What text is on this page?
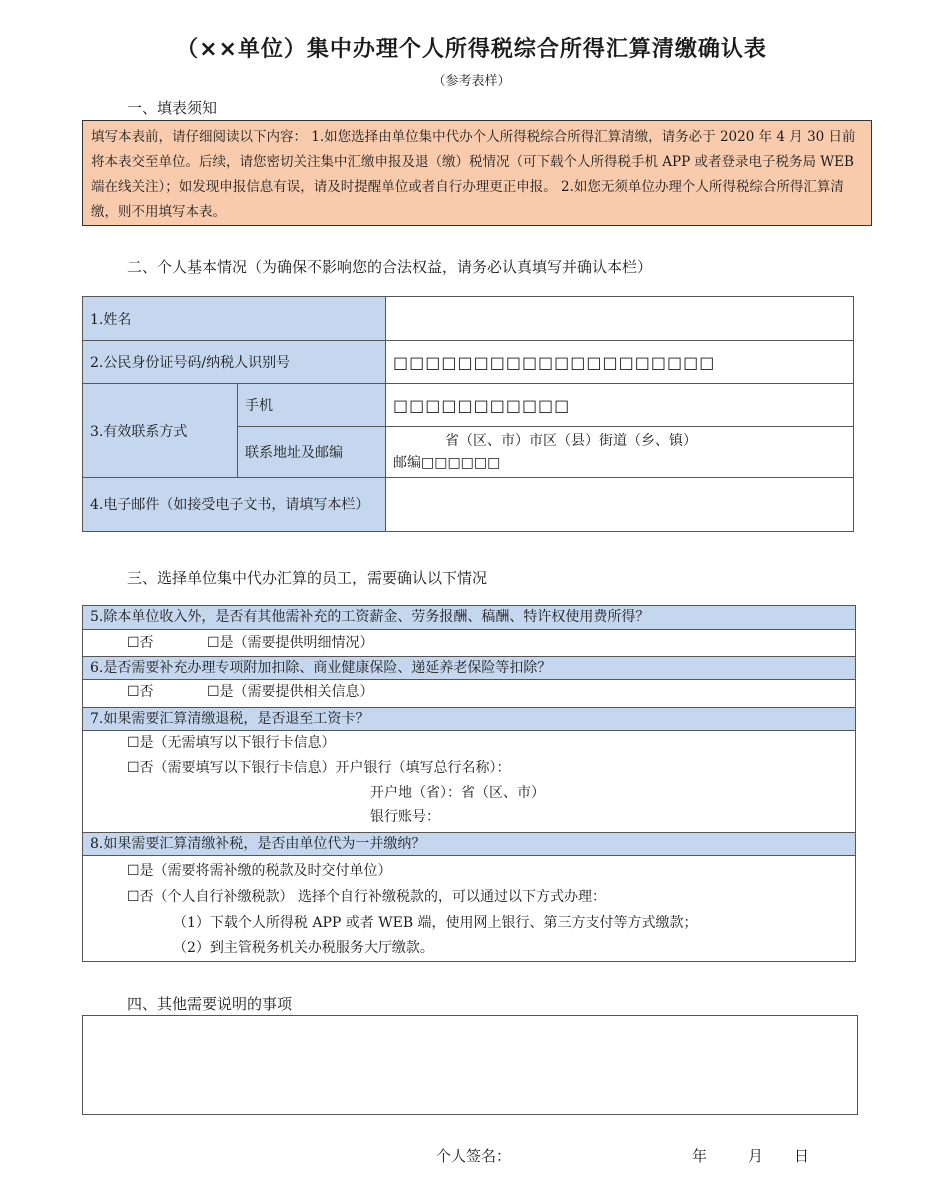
（××单位）集中办理个人所得税综合所得汇算清缴确认表
（参考表样）
一、填表须知
填写本表前，请仔细阅读以下内容： 1.如您选择由单位集中代办个人所得税综合所得汇算清缴，请务必于 2020 年 4 月 30 日前将本表交至单位。后续，请您密切关注集中汇缴申报及退（缴）税情况（可下载个人所得税手机 APP 或者登录电子税务局 WEB 端在线关注）；如发现申报信息有误，请及时提醒单位或者自行办理更正申报。 2.如您无须单位办理个人所得税综合所得汇算清缴，则不用填写本表。
二、个人基本情况（为确保不影响您的合法权益，请务必认真填写并确认本栏）
1.姓名		
2.公民身份证号码/纳税人识别号		□□□□□□□□□□□□□□□□□□□□
3.有效联系方式	手机	□□□□□□□□□□□
	联系地址及邮编	省（区、市）市区（县）街道（乡、镇）
邮编□□□□□□

4.电子邮件（如接受电子文书，请填写本栏）		
三、选择单位集中代办汇算的员工，需要确认以下情况
5.除本单位收入外，是否有其他需补充的工资薪金、劳务报酬、稿酬、特许权使用费所得？
☐否	☐是（需要提供明细情况）
6.是否需要补充办理专项附加扣除、商业健康保险、递延养老保险等扣除？
☐否	☐是（需要提供相关信息）
7.如果需要汇算清缴退税，是否退至工资卡？
☐是（无需填写以下银行卡信息）
☐否（需要填写以下银行卡信息）开户银行（填写总行名称）：
开户地（省）：省（区、市）
银行账号：
8.如果需要汇算清缴补税，是否由单位代为一并缴纳？
☐是（需要将需补缴的税款及时交付单位）
☐否（个人自行补缴税款） 选择个自行补缴税款的，可以通过以下方式办理：
（1）下载个人所得税 APP 或者 WEB 端，使用网上银行、第三方支付等方式缴款；
（2）到主管税务机关办税服务大厅缴款。
四、其他需要说明的事项
个人签名：	年	月 日
